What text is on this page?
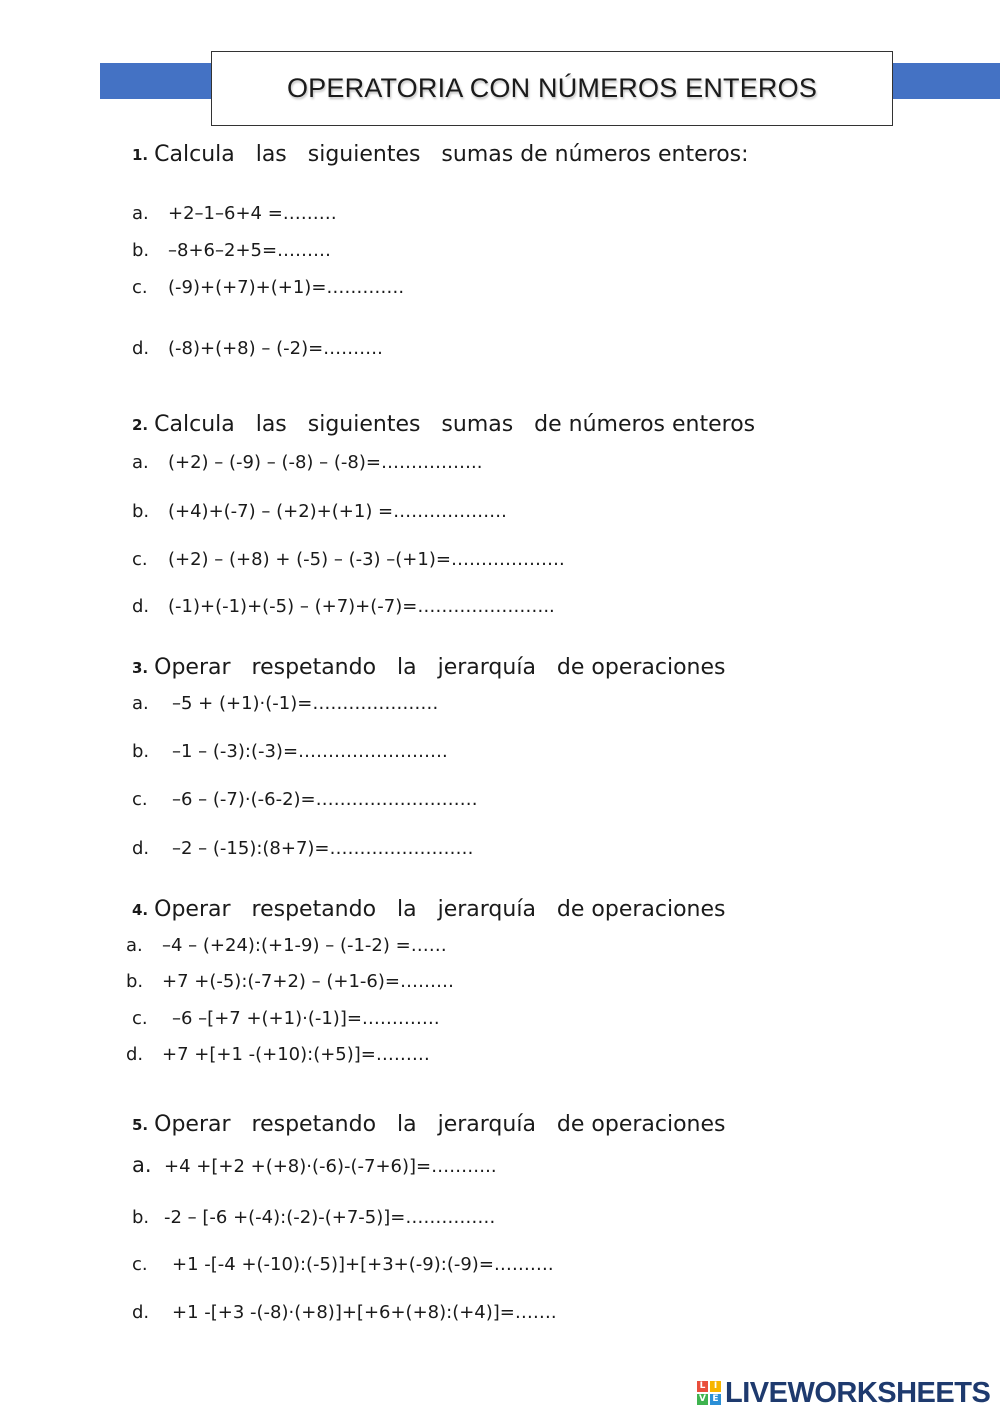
OPERATORIA CON NÚMEROS ENTEROS
1. Calcula   las   siguientes   sumas de números enteros:
a. +2–1–6+4 =………
b. –8+6–2+5=………
c. (-9)+(+7)+(+1)=………….
d. (-8)+(+8) – (-2)=……….
2. Calcula   las   siguientes   sumas   de números enteros
a. (+2) – (-9) – (-8) – (-8)=……………..
b. (+4)+(-7) – (+2)+(+1) =……………….
c. (+2) – (+8) + (-5) – (-3) –(+1)=……………….
d. (-1)+(-1)+(-5) – (+7)+(-7)=…………………..
3. Operar   respetando   la   jerarquía   de operaciones
a. –5 + (+1)·(-1)=…………………
b. –1 – (-3):(-3)=…………………….
c. –6 – (-7)·(-6-2)=………………………
d. –2 – (-15):(8+7)=……………………
4. Operar   respetando   la   jerarquía   de operaciones
a. –4 – (+24):(+1-9) – (-1-2) =……
b. +7 +(-5):(-7+2) – (+1-6)=………
c. –6 –[+7 +(+1)·(-1)]=………….
d. +7 +[+1 -(+10):(+5)]=………
5. Operar   respetando   la   jerarquía   de operaciones
a. +4 +[+2 +(+8)·(-6)-(-7+6)]=………..
b. -2 – [-6 +(-4):(-2)-(+7-5)]=……………
c. +1 -[-4 +(-10):(-5)]+[+3+(-9):(-9)=……….
d. +1 -[+3 -(-8)·(+8)]+[+6+(+8):(+4)]=…….
L I
V E LIVEWORKSHEETS
